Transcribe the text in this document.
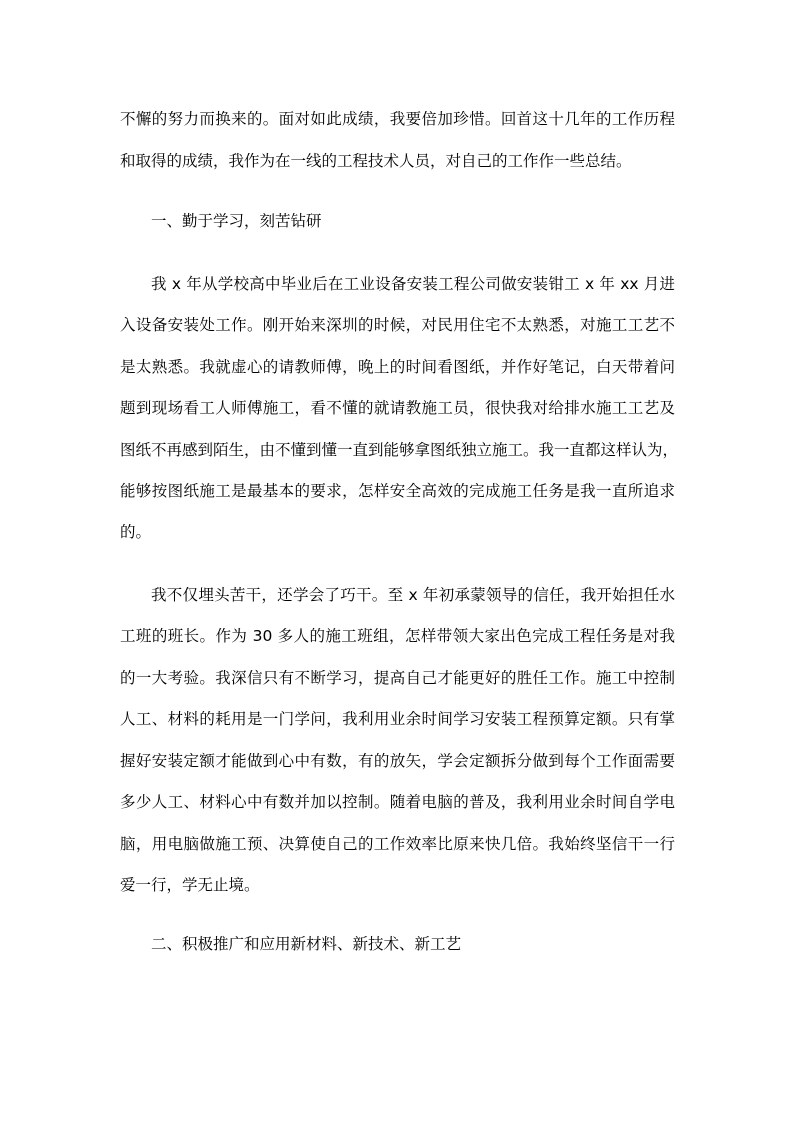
不懈的努力而换来的。面对如此成绩，我要倍加珍惜。回首这十几年的工作历程
和取得的成绩，我作为在一线的工程技术人员，对自己的工作作一些总结。
一、勤于学习，刻苦钻研
我 x 年从学校高中毕业后在工业设备安装工程公司做安装钳工 x 年 xx 月进
入设备安装处工作。刚开始来深圳的时候，对民用住宅不太熟悉，对施工工艺不
是太熟悉。我就虚心的请教师傅，晚上的时间看图纸，并作好笔记，白天带着问
题到现场看工人师傅施工，看不懂的就请教施工员，很快我对给排水施工工艺及
图纸不再感到陌生，由不懂到懂一直到能够拿图纸独立施工。我一直都这样认为，
能够按图纸施工是最基本的要求，怎样安全高效的完成施工任务是我一直所追求
的。
我不仅埋头苦干，还学会了巧干。至 x 年初承蒙领导的信任，我开始担任水
工班的班长。作为 30 多人的施工班组，怎样带领大家出色完成工程任务是对我
的一大考验。我深信只有不断学习，提高自己才能更好的胜任工作。施工中控制
人工、材料的耗用是一门学问，我利用业余时间学习安装工程预算定额。只有掌
握好安装定额才能做到心中有数，有的放矢，学会定额拆分做到每个工作面需要
多少人工、材料心中有数并加以控制。随着电脑的普及，我利用业余时间自学电
脑，用电脑做施工预、决算使自己的工作效率比原来快几倍。我始终坚信干一行
爱一行，学无止境。
二、积极推广和应用新材料、新技术、新工艺
